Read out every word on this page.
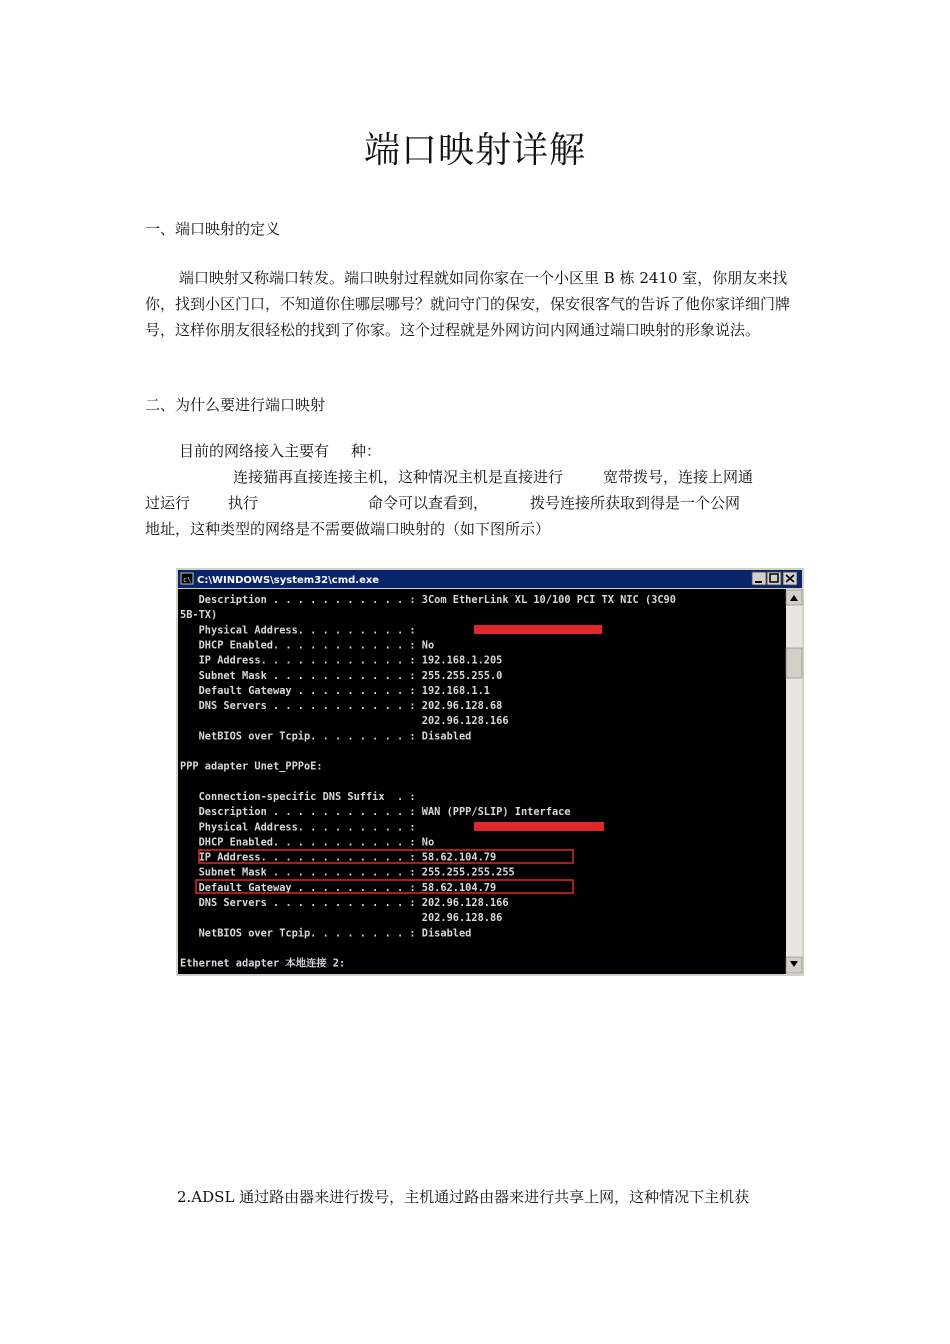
端口映射详解
一、端口映射的定义
端口映射又称端口转发。端口映射过程就如同你家在一个小区里 B 栋 2410 室，你朋友来找你，找到小区门口，不知道你住哪层哪号？就问守门的保安，保安很客气的告诉了他你家详细门牌号，这样你朋友很轻松的找到了你家。这个过程就是外网访问内网通过端口映射的形象说法。
二、为什么要进行端口映射
目前的网络接入主要有 种：
连接猫再直接连接主机，这种情况主机是直接进行	宽带拨号，连接上网通
过运行	执行	命令可以查看到，	拨号连接所获取到得是一个公网
地址，这种类型的网络是不需要做端口映射的（如下图所示）
c\ C:\WINDOWS\system32\cmd.exe
Description . . . . . . . . . . . : 3Com EtherLink XL 10/100 PCI TX NIC (3C90
5B-TX)
Physical Address. . . . . . . . . :
DHCP Enabled. . . . . . . . . . . : No
IP Address. . . . . . . . . . . . : 192.168.1.205
Subnet Mask . . . . . . . . . . . : 255.255.255.0
Default Gateway . . . . . . . . . : 192.168.1.1
DNS Servers . . . . . . . . . . . : 202.96.128.68
202.96.128.166
NetBIOS over Tcpip. . . . . . . . : Disabled
PPP adapter Unet_PPPoE:
Connection-specific DNS Suffix  . :
Description . . . . . . . . . . . : WAN (PPP/SLIP) Interface
Physical Address. . . . . . . . . :
DHCP Enabled. . . . . . . . . . . : No
IP Address. . . . . . . . . . . . : 58.62.104.79
Subnet Mask . . . . . . . . . . . : 255.255.255.255
Default Gateway . . . . . . . . . : 58.62.104.79
DNS Servers . . . . . . . . . . . : 202.96.128.166
202.96.128.86
NetBIOS over Tcpip. . . . . . . . : Disabled
Ethernet adapter 本地连接 2:
2.ADSL 通过路由器来进行拨号，主机通过路由器来进行共享上网，这种情况下主机获
